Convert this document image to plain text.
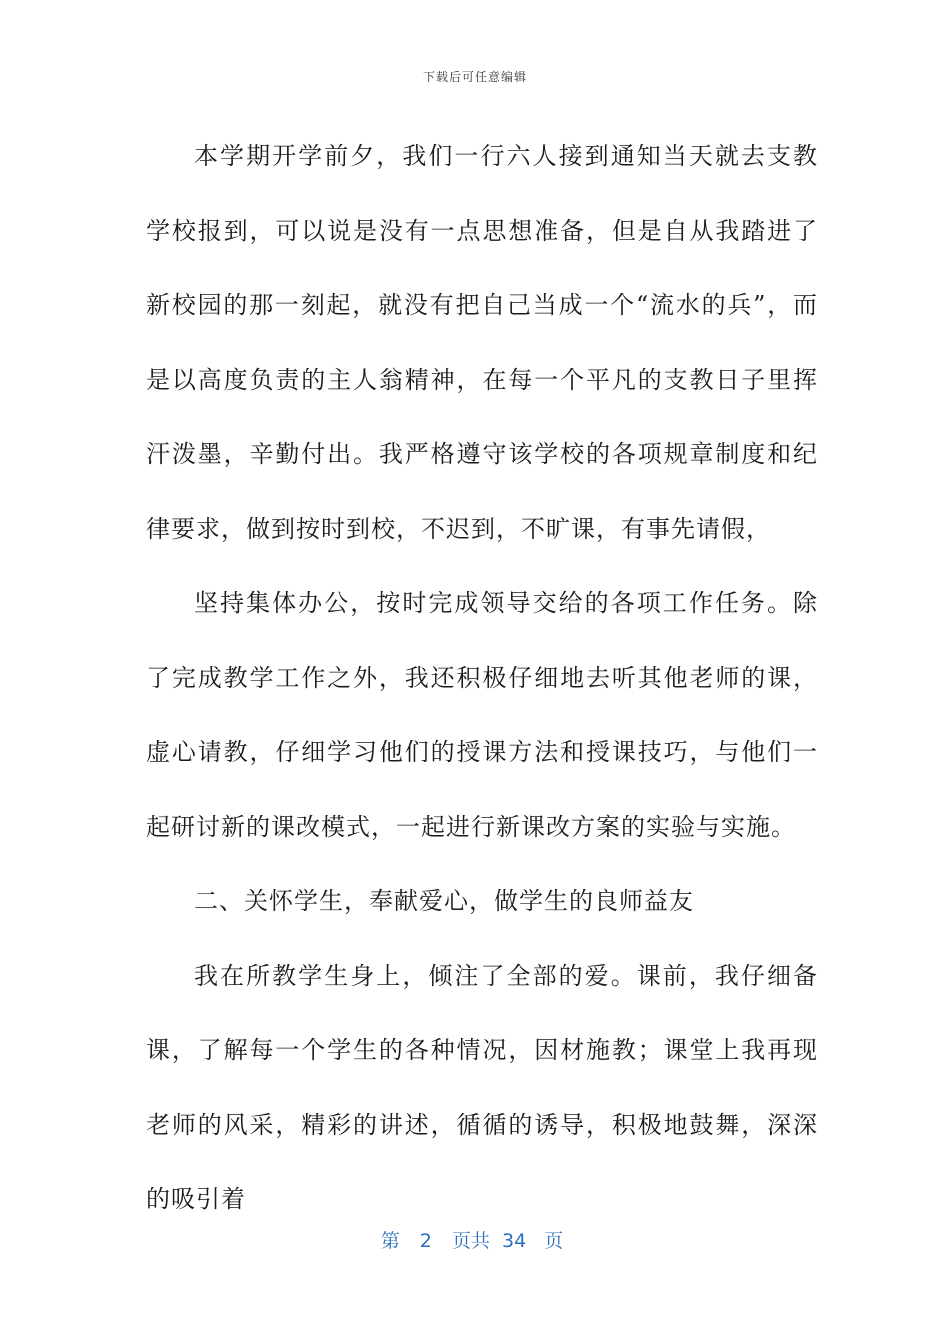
下载后可任意编辑

本学期开学前夕，我们一行六人接到通知当天就去支教学校报到，可以说是没有一点思想准备，但是自从我踏进了新校园的那一刻起，就没有把自己当成一个“流水的兵”，而是以高度负责的主人翁精神，在每一个平凡的支教日子里挥汗泼墨，辛勤付出。我严格遵守该学校的各项规章制度和纪律要求，做到按时到校，不迟到，不旷课，有事先请假，

坚持集体办公，按时完成领导交给的各项工作任务。除了完成教学工作之外，我还积极仔细地去听其他老师的课，虚心请教，仔细学习他们的授课方法和授课技巧，与他们一起研讨新的课改模式，一起进行新课改方案的实验与实施。

二、关怀学生，奉献爱心，做学生的良师益友

我在所教学生身上，倾注了全部的爱。课前，我仔细备课，了解每一个学生的各种情况，因材施教；课堂上我再现老师的风采，精彩的讲述，循循的诱导，积极地鼓舞，深深的吸引着

第 2 页共 34 页
